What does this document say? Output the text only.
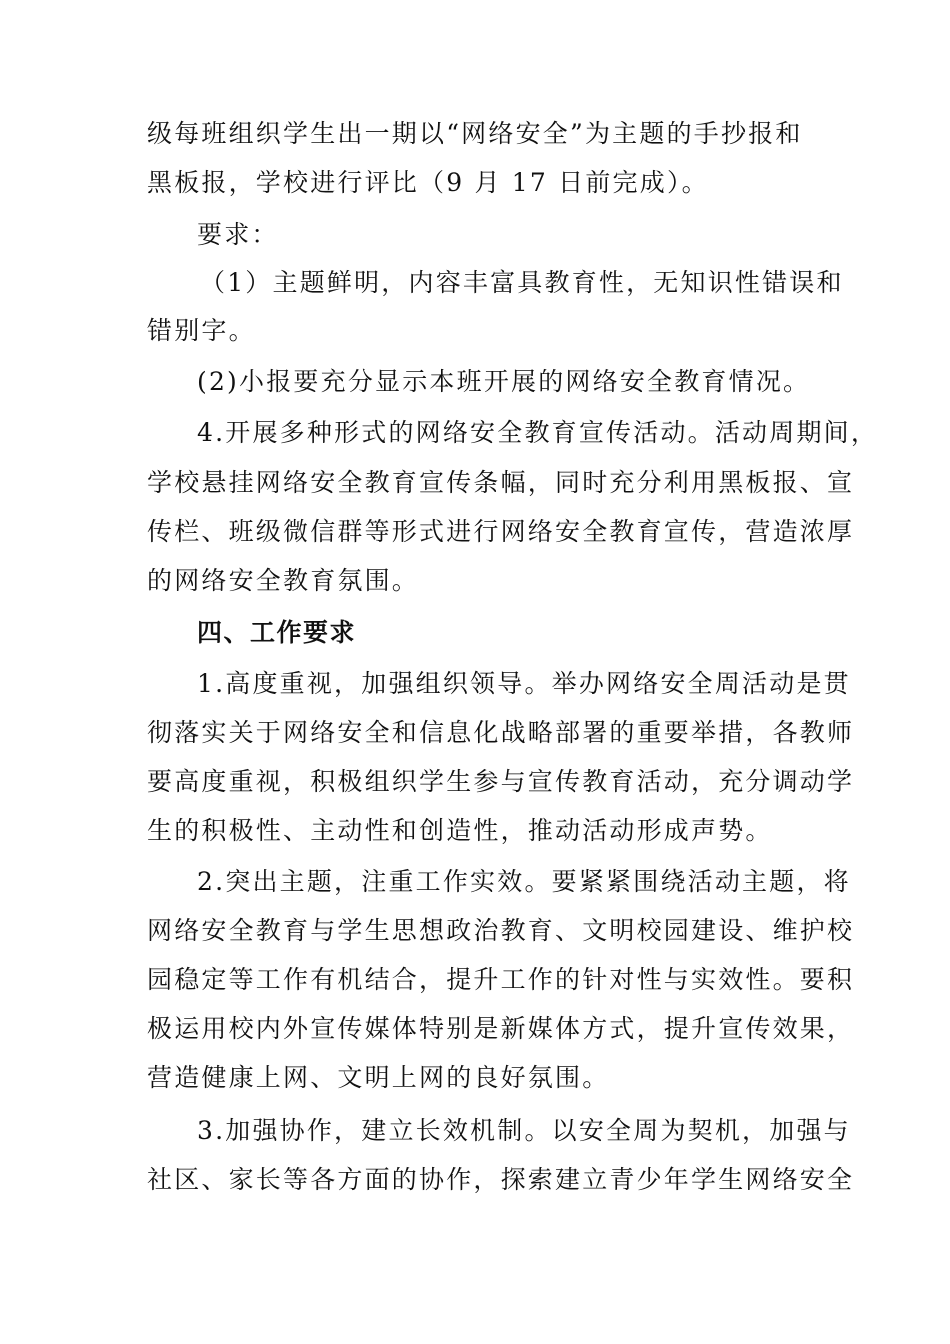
级每班组织学生出一期以“网络安全”为主题的手抄报和
黑板报，学校进行评比（9 月 17 日前完成）。
要求：
（1）主题鲜明，内容丰富具教育性，无知识性错误和
错别字。
(2)小报要充分显示本班开展的网络安全教育情况。
4.开展多种形式的网络安全教育宣传活动。活动周期间，
学校悬挂网络安全教育宣传条幅，同时充分利用黑板报、宣
传栏、班级微信群等形式进行网络安全教育宣传，营造浓厚
的网络安全教育氛围。
四、工作要求
1.高度重视，加强组织领导。举办网络安全周活动是贯
彻落实关于网络安全和信息化战略部署的重要举措，各教师
要高度重视，积极组织学生参与宣传教育活动，充分调动学
生的积极性、主动性和创造性，推动活动形成声势。
2.突出主题，注重工作实效。要紧紧围绕活动主题，将
网络安全教育与学生思想政治教育、文明校园建设、维护校
园稳定等工作有机结合，提升工作的针对性与实效性。要积
极运用校内外宣传媒体特别是新媒体方式，提升宣传效果，
营造健康上网、文明上网的良好氛围。
3.加强协作，建立长效机制。以安全周为契机，加强与
社区、家长等各方面的协作，探索建立青少年学生网络安全
